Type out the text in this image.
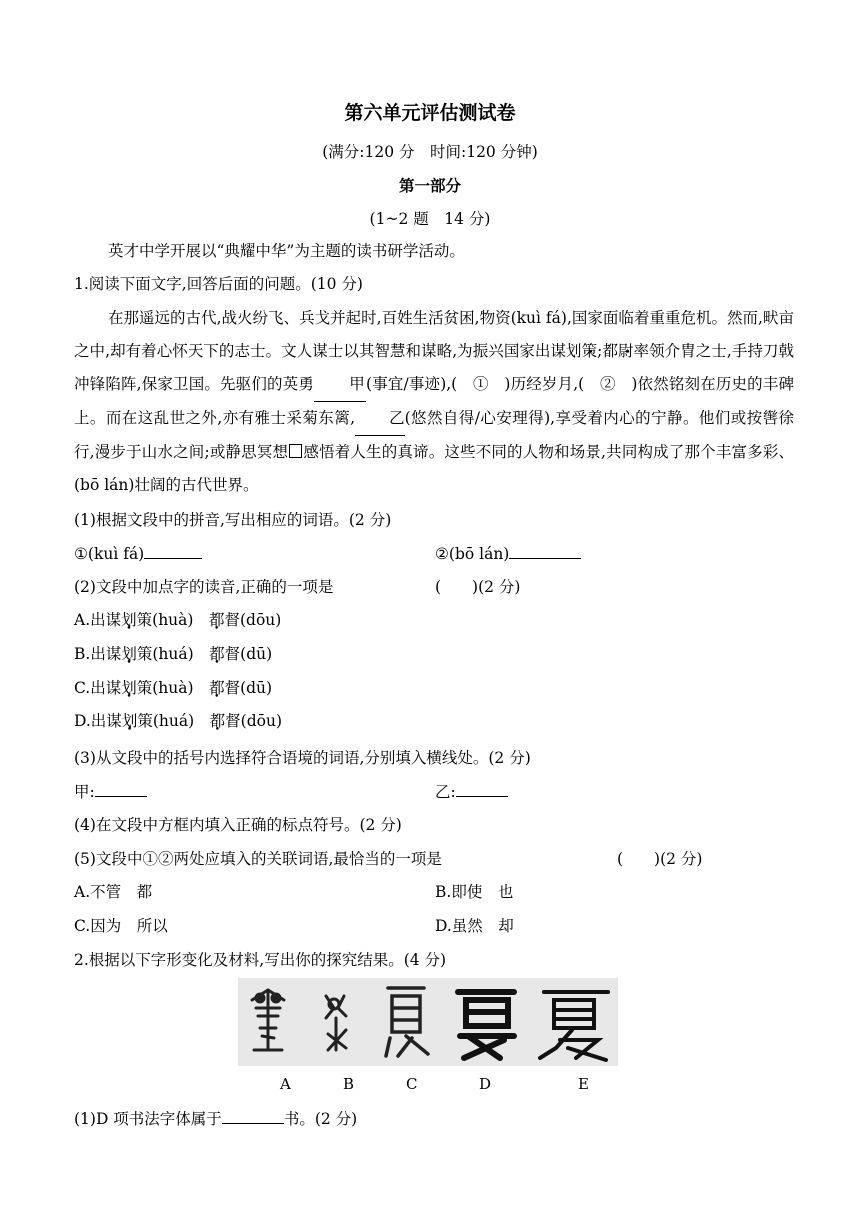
第六单元评估测试卷
(满分:120 分　时间:120 分钟)
第一部分
(1~2 题　14 分)
英才中学开展以“典耀中华”为主题的读书研学活动。
1.阅读下面文字,回答后面的问题。(10 分)
在那遥远的古代,战火纷飞、兵戈并起时,百姓生活贫困,物资(kuì fá),国家面临着重重危机。然而,畎亩之中,却有着心怀天下的志士。文人谋士以其智慧和谋略,为振兴国家出谋划 •策;都 •尉率领介胄之士,手持刀戟冲锋陷阵,保家卫国。先驱们的英勇 甲(事宜/事迹),(　①　)历经岁月,(　②　)依然铭刻在历史的丰碑上。而在这乱世之外,亦有雅士采菊东篱, 乙(悠然自得/心安理得),享受着内心的宁静。他们或按辔徐行,漫步于山水之间;或静思冥想 感悟着人生的真谛。这些不同的人物和场景,共同构成了那个丰富多彩、(bō lán)壮阔的古代世界。
(1)根据文段中的拼音,写出相应的词语。(2 分)
①(kuì fá)	②(bō lán)
(2)文段中加点字的读音,正确的一项是	(　　)(2 分)
A.出谋划策(huà)　都督(dōu)
B.出谋划策(huá)　都督(dū)
C.出谋划策(huà)　都督(dū)
D.出谋划策(huá)　都督(dōu)
(3)从文段中的括号内选择符合语境的词语,分别填入横线处。(2 分)
甲:	乙:
(4)在文段中方框内填入正确的标点符号。(2 分)
(5)文段中①②两处应填入的关联词语,最恰当的一项是	(　　)(2 分)
A.不管　都	B.即使　也
C.因为　所以	D.虽然　却
2.根据以下字形变化及材料,写出你的探究结果。(4 分)
A	B	C	D	E
(1)D 项书法字体属于	书。(2 分)
